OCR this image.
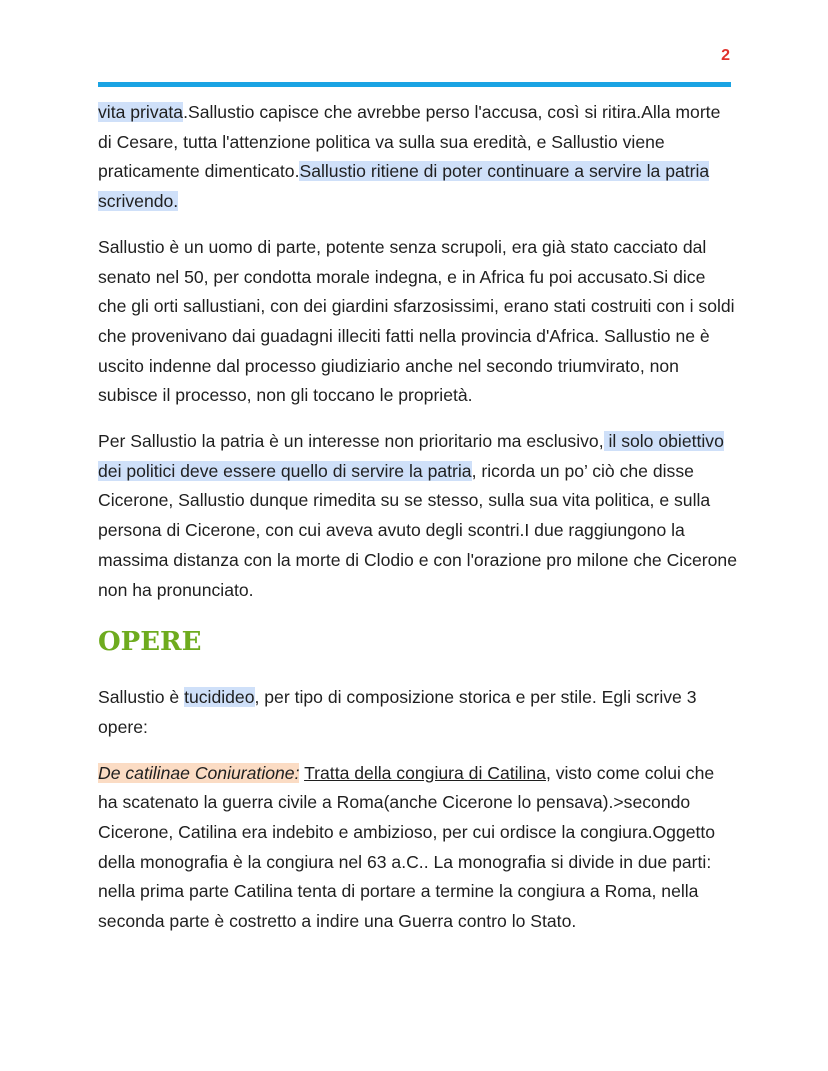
2

vita privata.Sallustio capisce che avrebbe perso l'accusa, così si ritira.Alla morte di Cesare, tutta l'attenzione politica va sulla sua eredità, e Sallustio viene praticamente dimenticato.Sallustio ritiene di poter continuare a servire la patria scrivendo.

Sallustio è un uomo di parte, potente senza scrupoli, era già stato cacciato dal senato nel 50, per condotta morale indegna, e in Africa fu poi accusato.Si dice che gli orti sallustiani, con dei giardini sfarzosissimi, erano stati costruiti con i soldi che provenivano dai guadagni illeciti fatti nella provincia d'Africa. Sallustio ne è uscito indenne dal processo giudiziario anche nel secondo triumvirato, non subisce il processo, non gli toccano le proprietà.

Per Sallustio la patria è un interesse non prioritario ma esclusivo, il solo obiettivo dei politici deve essere quello di servire la patria, ricorda un po’ ciò che disse Cicerone, Sallustio dunque rimedita su se stesso, sulla sua vita politica, e sulla persona di Cicerone, con cui aveva avuto degli scontri.I due raggiungono la massima distanza con la morte di Clodio e con l'orazione pro milone che Cicerone non ha pronunciato.

OPERE

Sallustio è tucidideo, per tipo di composizione storica e per stile. Egli scrive 3 opere:

De catilinae Coniuratione: Tratta della congiura di Catilina, visto come colui che ha scatenato la guerra civile a Roma(anche Cicerone lo pensava).>secondo Cicerone, Catilina era indebito e ambizioso, per cui ordisce la congiura.Oggetto della monografia è la congiura nel 63 a.C.. La monografia si divide in due parti: nella prima parte Catilina tenta di portare a termine la congiura a Roma, nella seconda parte è costretto a indire una Guerra contro lo Stato.
